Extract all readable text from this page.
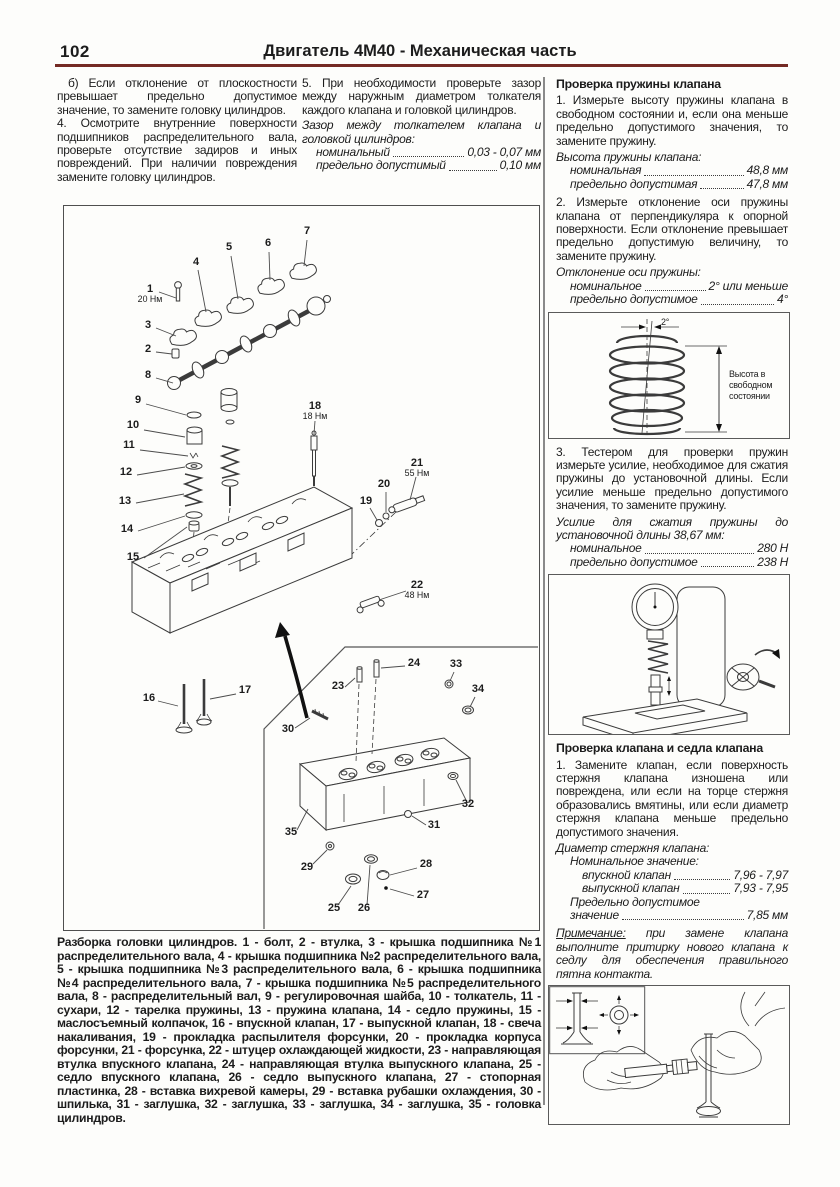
102	Двигатель 4М40 - Механическая часть

б) Если отклонение от плоскостности превышает предельно допустимое значение, то замените головку цилиндров.

4. Осмотрите внутренние поверхности подшипников распределительного вала, проверьте отсутствие задиров и иных повреждений. При наличии повреждения замените головку цилиндров.

5. При необходимости проверьте зазор между наружным диаметром толкателя каждого клапана и головкой цилиндров.

Зазор между толкателем клапана и головкой цилиндров:

номинальный	0,03 - 0,07 мм
предельно допустимый	0,10 мм
1
20 Нм
2
3
4
5	6
7
8
9
10
11
12
13
14
15
16
17
18
18 Нм
19
20
21
55 Нм
22
48 Нм
23
24
25 26
27
28
29
30
31
32
33
34
35

Разборка головки цилиндров. 1 - болт, 2 - втулка, 3 - крышка подшипника №1 распределительного вала, 4 - крышка подшипника №2 распределительного вала, 5 - крышка подшипника №3 распределительного вала, 6 - крышка подшипника №4 распределительного вала, 7 - крышка подшипника №5 распределительного вала, 8 - распределительный вал, 9 - регулировочная шайба, 10 - толкатель, 11 - сухари, 12 - тарелка пружины, 13 - пружина клапана, 14 - седло пружины, 15 - маслосъемный колпачок, 16 - впускной клапан, 17 - выпускной клапан, 18 - свеча накаливания, 19 - прокладка распылителя форсунки, 20 - прокладка корпуса форсунки, 21 - форсунка, 22 - штуцер охлаждающей жидкости, 23 - направляющая втулка впускного клапана, 24 - направляющая втулка выпускного клапана, 25 - седло впускного клапана, 26 - седло выпускного клапана, 27 - стопорная пластинка, 28 - вставка вихревой камеры, 29 - вставка рубашки охлаждения, 30 - шпилька, 31 - заглушка, 32 - заглушка, 33 - заглушка, 34 - заглушка, 35 - головка цилиндров.

Проверка пружины клапана

1. Измерьте высоту пружины клапана в свободном состоянии и, если она меньше предельно допустимого значения, то замените пружину.

Высота пружины клапана:

номинальная	48,8 мм
предельно допустимая	47,8 мм

2. Измерьте отклонение оси пружины клапана от перпендикуляра к опорной поверхности. Если отклонение превышает предельно допустимую величину, то замените пружину.

Отклонение оси пружины:

номинальное	2° или меньше
предельно допустимое	4°
2°
Высота в
свободном
состоянии

3. Тестером для проверки пружин измерьте усилие, необходимое для сжатия пружины до установочной длины. Если усилие меньше предельно допустимого значения, то замените пружину.

Усилие для сжатия пружины до установочной длины 38,67 мм:

номинальное	280 Н
предельно допустимое	238 Н
Проверка клапана и седла клапана

1. Замените клапан, если поверхность стержня клапана изношена или повреждена, или если на торце стержня образовались вмятины, или если диаметр стержня клапана меньше предельно допустимого значения.

Диаметр стержня клапана:

Номинальное значение:

впускной клапан	7,96 - 7,97
выпускной клапан	7,93 - 7,95

Предельно допустимое

значение	7,85 мм

Примечание: при замене клапана выполните притирку нового клапана к седлу для обеспечения правильного пятна контакта.
